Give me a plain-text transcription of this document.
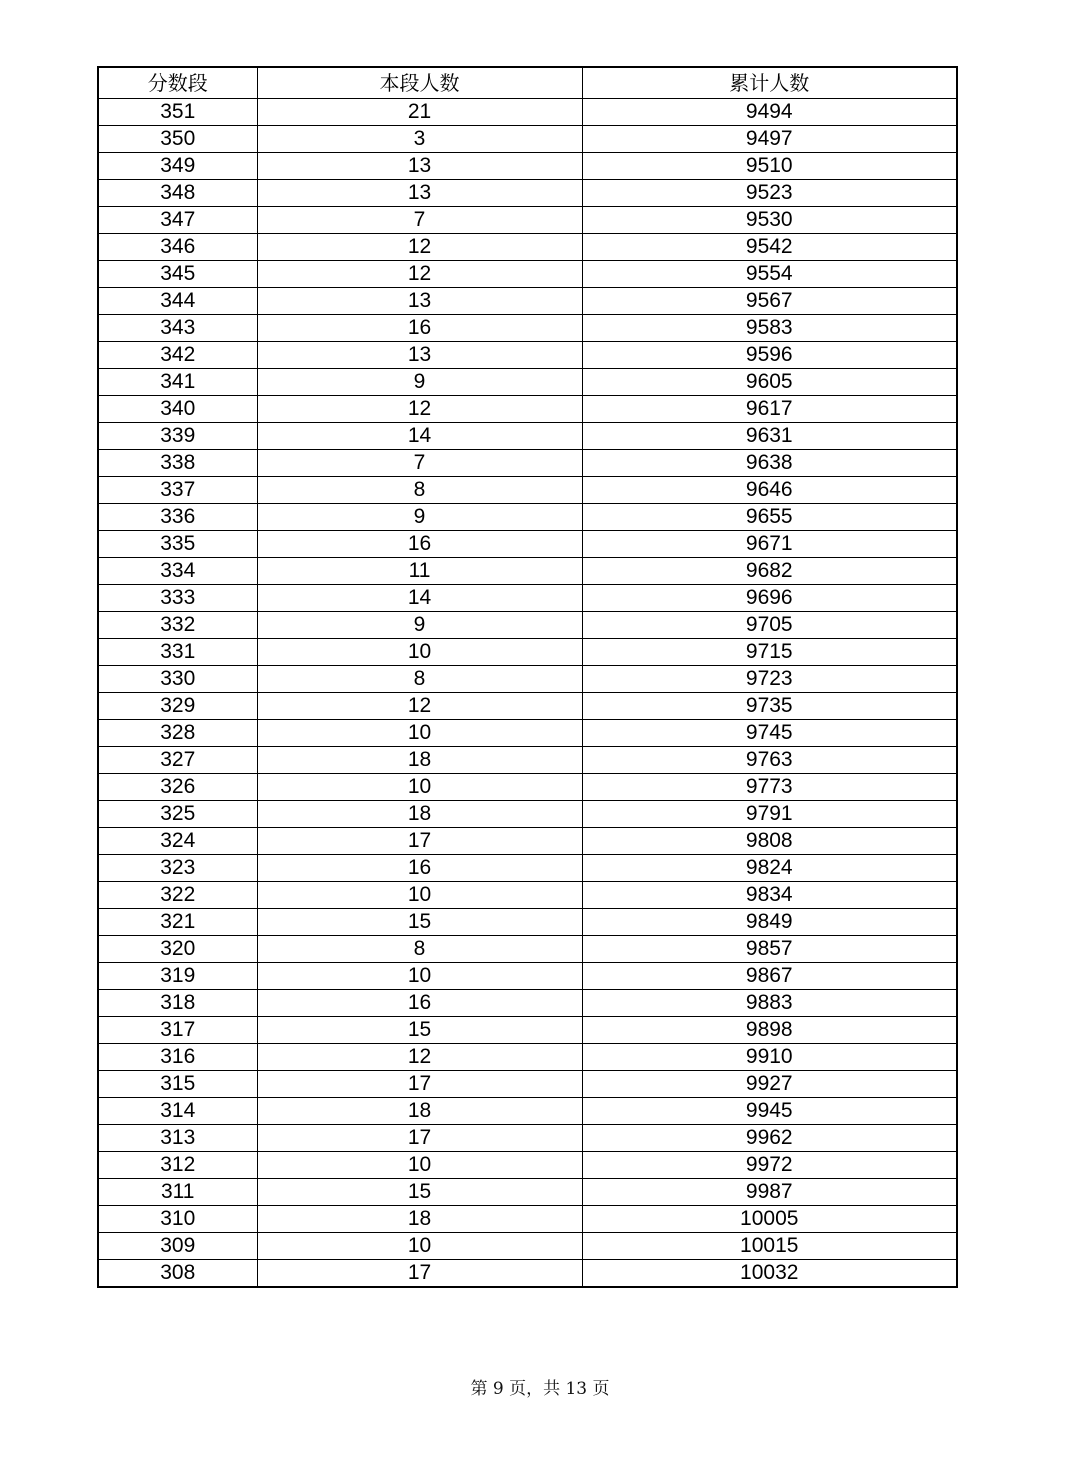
分数段	本段人数	累计人数
351	21	9494
350	3	9497
349	13	9510
348	13	9523
347	7	9530
346	12	9542
345	12	9554
344	13	9567
343	16	9583
342	13	9596
341	9	9605
340	12	9617
339	14	9631
338	7	9638
337	8	9646
336	9	9655
335	16	9671
334	11	9682
333	14	9696
332	9	9705
331	10	9715
330	8	9723
329	12	9735
328	10	9745
327	18	9763
326	10	9773
325	18	9791
324	17	9808
323	16	9824
322	10	9834
321	15	9849
320	8	9857
319	10	9867
318	16	9883
317	15	9898
316	12	9910
315	17	9927
314	18	9945
313	17	9962
312	10	9972
311	15	9987
310	18	10005
309	10	10015
308	17	10032
第 9 页，共 13 页
